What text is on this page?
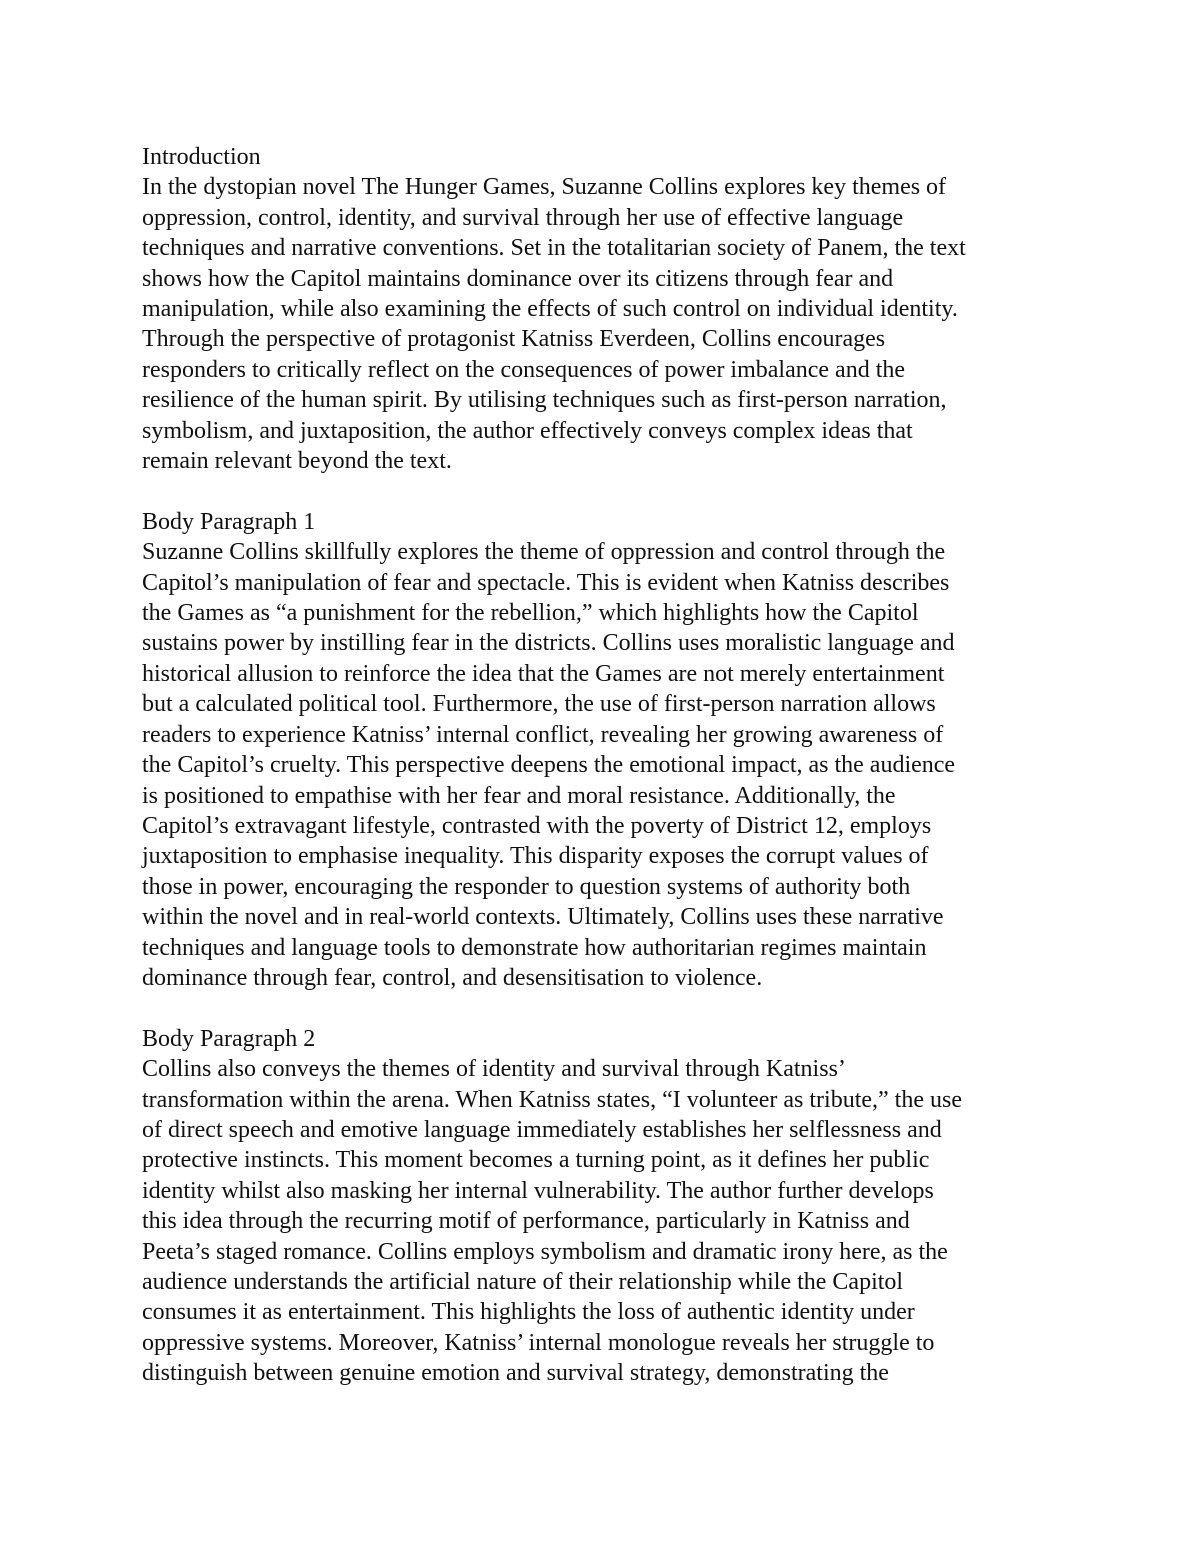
Introduction
In the dystopian novel The Hunger Games, Suzanne Collins explores key themes of
oppression, control, identity, and survival through her use of effective language
techniques and narrative conventions. Set in the totalitarian society of Panem, the text
shows how the Capitol maintains dominance over its citizens through fear and
manipulation, while also examining the effects of such control on individual identity.
Through the perspective of protagonist Katniss Everdeen, Collins encourages
responders to critically reflect on the consequences of power imbalance and the
resilience of the human spirit. By utilising techniques such as first-person narration,
symbolism, and juxtaposition, the author effectively conveys complex ideas that
remain relevant beyond the text.
Body Paragraph 1
Suzanne Collins skillfully explores the theme of oppression and control through the
Capitol’s manipulation of fear and spectacle. This is evident when Katniss describes
the Games as “a punishment for the rebellion,” which highlights how the Capitol
sustains power by instilling fear in the districts. Collins uses moralistic language and
historical allusion to reinforce the idea that the Games are not merely entertainment
but a calculated political tool. Furthermore, the use of first-person narration allows
readers to experience Katniss’ internal conflict, revealing her growing awareness of
the Capitol’s cruelty. This perspective deepens the emotional impact, as the audience
is positioned to empathise with her fear and moral resistance. Additionally, the
Capitol’s extravagant lifestyle, contrasted with the poverty of District 12, employs
juxtaposition to emphasise inequality. This disparity exposes the corrupt values of
those in power, encouraging the responder to question systems of authority both
within the novel and in real-world contexts. Ultimately, Collins uses these narrative
techniques and language tools to demonstrate how authoritarian regimes maintain
dominance through fear, control, and desensitisation to violence.
Body Paragraph 2
Collins also conveys the themes of identity and survival through Katniss’
transformation within the arena. When Katniss states, “I volunteer as tribute,” the use
of direct speech and emotive language immediately establishes her selflessness and
protective instincts. This moment becomes a turning point, as it defines her public
identity whilst also masking her internal vulnerability. The author further develops
this idea through the recurring motif of performance, particularly in Katniss and
Peeta’s staged romance. Collins employs symbolism and dramatic irony here, as the
audience understands the artificial nature of their relationship while the Capitol
consumes it as entertainment. This highlights the loss of authentic identity under
oppressive systems. Moreover, Katniss’ internal monologue reveals her struggle to
distinguish between genuine emotion and survival strategy, demonstrating the
